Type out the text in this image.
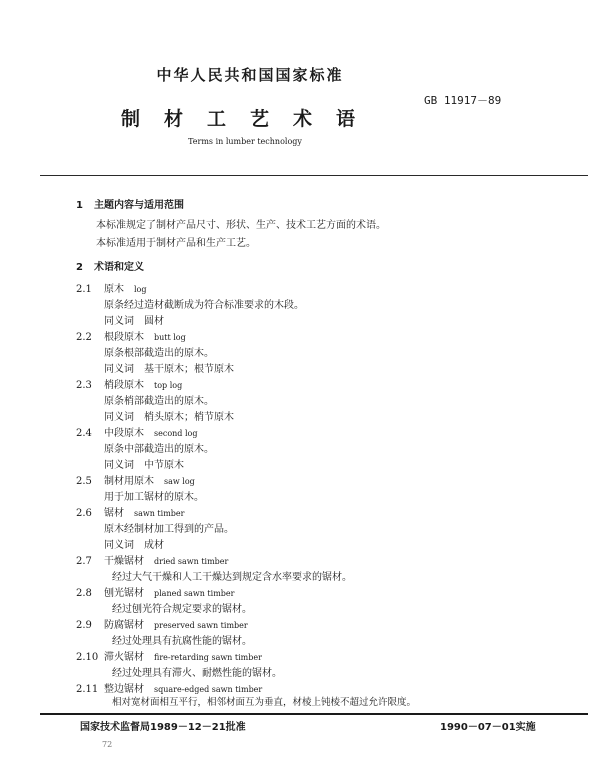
中华人民共和国国家标准
GB 11917－89
制材工艺术语
Terms in lumber technology
1 主题内容与适用范围
本标准规定了制材产品尺寸、形状、生产、技术工艺方面的术语。
本标准适用于制材产品和生产工艺。
2 术语和定义
2.1 原木 log
原条经过造材截断成为符合标准要求的木段。
同义词　圆材
2.2 根段原木 butt log
原条根部截造出的原木。
同义词　基干原木；根节原木
2.3 梢段原木 top log
原条梢部截造出的原木。
同义词　梢头原木；梢节原木
2.4 中段原木 second log
原条中部截造出的原木。
同义词　中节原木
2.5 制材用原木 saw log
用于加工锯材的原木。
2.6 锯材 sawn timber
原木经制材加工得到的产品。
同义词　成材
2.7 干燥锯材 dried sawn timber
经过大气干燥和人工干燥达到规定含水率要求的锯材。
2.8 刨光锯材 planed sawn timber
经过刨光符合规定要求的锯材。
2.9 防腐锯材 preserved sawn timber
经过处理具有抗腐性能的锯材。
2.10 滞火锯材 fire-retarding sawn timber
经过处理具有滞火、耐燃性能的锯材。
2.11 整边锯材 square-edged sawn timber
相对宽材面相互平行，相邻材面互为垂直，材棱上钝棱不超过允许限度。
国家技术监督局1989－12－21批准	1990－07－01实施
72
